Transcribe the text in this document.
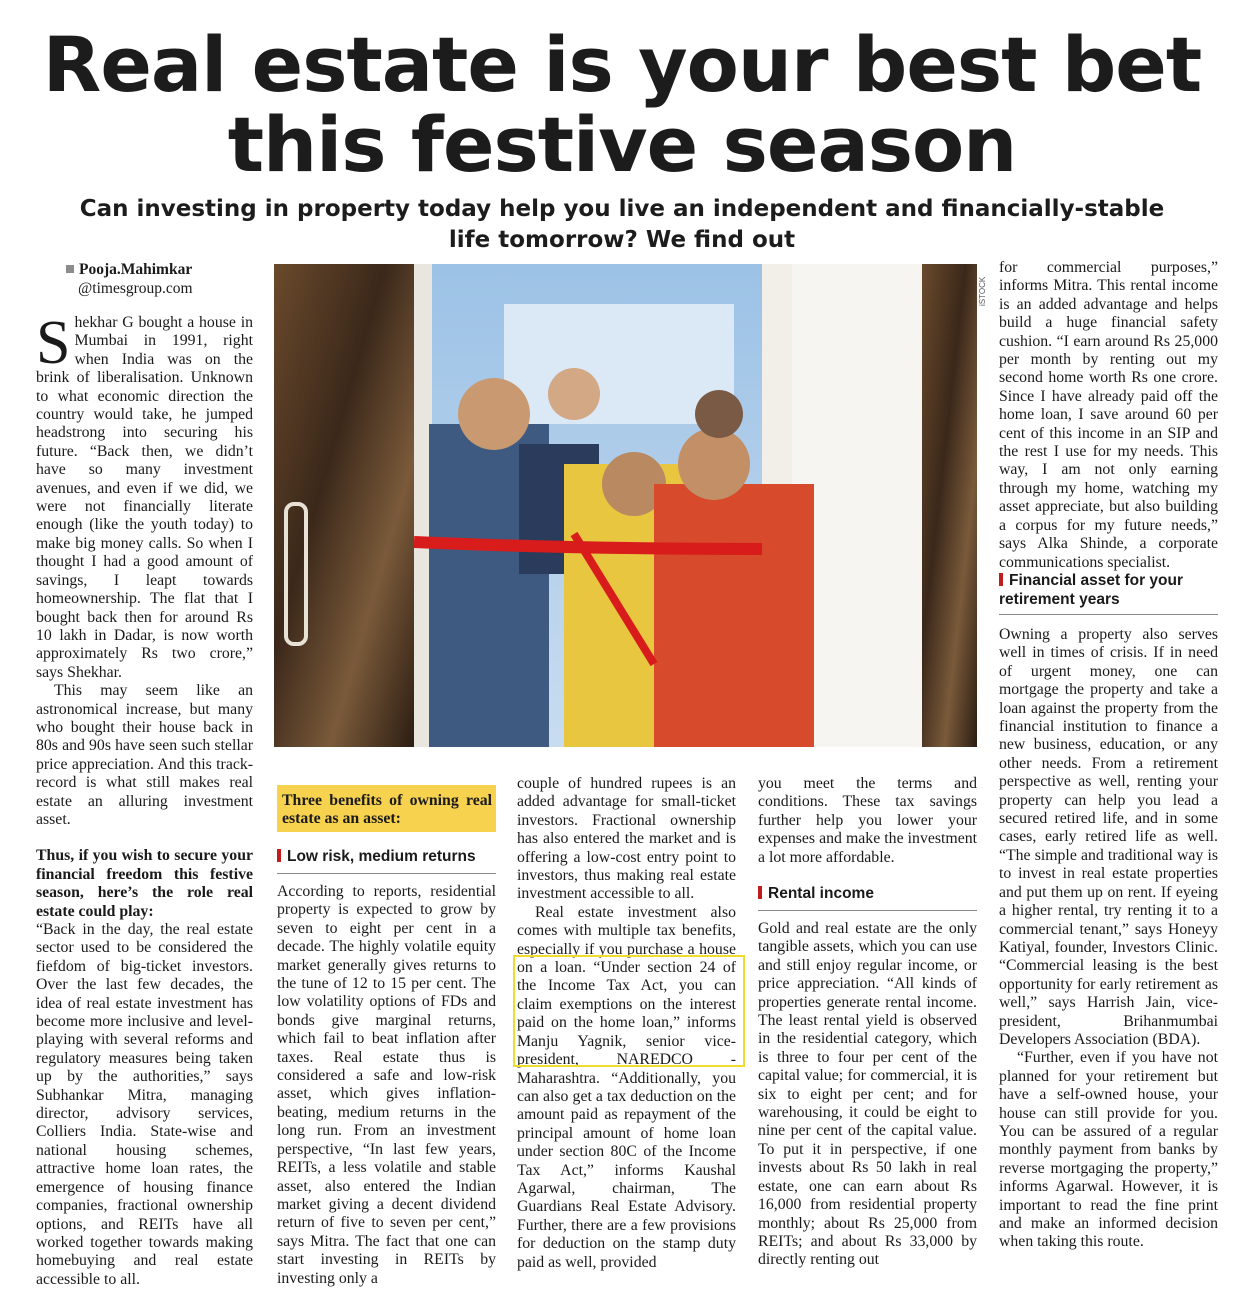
Real estate is your best bet
this festive season
Can investing in property today help you live an independent and financially-stable
life tomorrow? We find out
Pooja.Mahimkar
@timesgroup.com

Shekhar G bought a house in Mumbai in 1991, right when India was on the brink of liberalisation. Unknown to what economic direction the country would take, he jumped headstrong into securing his future. “Back then, we didn’t have so many investment avenues, and even if we did, we were not financially literate enough (like the youth today) to make big money calls. So when I thought I had a good amount of savings, I leapt towards homeownership. The flat that I bought back then for around Rs 10 lakh in Dadar, is now worth approximately Rs two crore,” says Shekhar.

This may seem like an astronomical increase, but many who bought their house back in 80s and 90s have seen such stellar price appreciation. And this track-record is what still makes real estate an alluring investment asset.

Thus, if you wish to secure your financial freedom this festive season, here’s the role real estate could play:

“Back in the day, the real estate sector used to be considered the fiefdom of big-ticket investors. Over the last few decades, the idea of real estate investment has become more inclusive and level-playing with several reforms and regulatory measures being taken up by the authorities,” says Subhankar Mitra, managing director, advisory services, Colliers India. State-wise and national housing schemes, attractive home loan rates, the emergence of housing finance companies, fractional ownership options, and REITs have all worked together towards making homebuying and real estate accessible to all.

iSTOCK
Three benefits of owning real estate as an asset:
Low risk, medium returns

According to reports, residential property is expected to grow by seven to eight per cent in a decade. The highly volatile equity market generally gives returns to the tune of 12 to 15 per cent. The low volatility options of FDs and bonds give marginal returns, which fail to beat inflation after taxes. Real estate thus is considered a safe and low-risk asset, which gives inflation-beating, medium returns in the long run. From an investment perspective, “In last few years, REITs, a less volatile and stable asset, also entered the Indian market giving a decent dividend return of five to seven per cent,” says Mitra. The fact that one can start investing in REITs by investing only a

couple of hundred rupees is an added advantage for small-ticket investors. Fractional ownership has also entered the market and is offering a low-cost entry point to investors, thus making real estate investment accessible to all.

Real estate investment also comes with multiple tax benefits, especially if you purchase a house on a loan. “Under section 24 of the Income Tax Act, you can claim exemptions on the interest paid on the home loan,” informs Manju Yagnik, senior vice-president, NAREDCO - Maharashtra. “Additionally, you can also get a tax deduction on the amount paid as repayment of the principal amount of home loan under section 80C of the Income Tax Act,” informs Kaushal Agarwal, chairman, The Guardians Real Estate Advisory. Further, there are a few provisions for deduction on the stamp duty paid as well, provided

you meet the terms and conditions. These tax savings further help you lower your expenses and make the investment a lot more affordable.

Rental income

Gold and real estate are the only tangible assets, which you can use and still enjoy regular income, or price appreciation. “All kinds of properties generate rental income. The least rental yield is observed in the residential category, which is three to four per cent of the capital value; for commercial, it is six to eight per cent; and for warehousing, it could be eight to nine per cent of the capital value. To put it in perspective, if one invests about Rs 50 lakh in real estate, one can earn about Rs 16,000 from residential property monthly; about Rs 25,000 from REITs; and about Rs 33,000 by directly renting out

for commercial purposes,” informs Mitra. This rental income is an added advantage and helps build a huge financial safety cushion. “I earn around Rs 25,000 per month by renting out my second home worth Rs one crore. Since I have already paid off the home loan, I save around 60 per cent of this income in an SIP and the rest I use for my needs. This way, I am not only earning through my home, watching my asset appreciate, but also building a corpus for my future needs,” says Alka Shinde, a corporate communications specialist.

Financial asset for your
retirement years

Owning a property also serves well in times of crisis. If in need of urgent money, one can mortgage the property and take a loan against the property from the financial institution to finance a new business, education, or any other needs. From a retirement perspective as well, renting your property can help you lead a secured retired life, and in some cases, early retired life as well. “The simple and traditional way is to invest in real estate properties and put them up on rent. If eyeing a higher rental, try renting it to a commercial tenant,” says Honeyy Katiyal, founder, Investors Clinic. “Commercial leasing is the best opportunity for early retirement as well,” says Harrish Jain, vice-president, Brihanmumbai Developers Association (BDA).

“Further, even if you have not planned for your retirement but have a self-owned house, your house can still provide for you. You can be assured of a regular monthly payment from banks by reverse mortgaging the property,” informs Agarwal. However, it is important to read the fine print and make an informed decision when taking this route.
